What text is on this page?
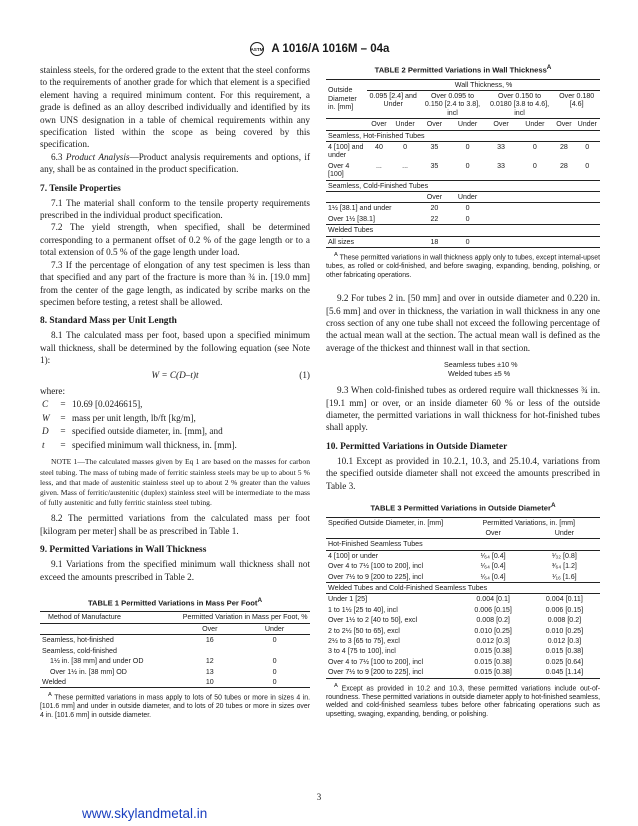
ASTM A 1016/A 1016M – 04a

stainless steels, for the ordered grade to the extent that the steel conforms to the requirements of another grade for which that element is a specified element having a required minimum content. For this requirement, a grade is defined as an alloy described individually and identified by its own UNS designation in a table of chemical requirements within any specification listed within the scope as being covered by this specification.

6.3 Product Analysis—Product analysis requirements and options, if any, shall be as contained in the product specification.

7. Tensile Properties

7.1 The material shall conform to the tensile property requirements prescribed in the individual product specification.

7.2 The yield strength, when specified, shall be determined corresponding to a permanent offset of 0.2 % of the gage length or to a total extension of 0.5 % of the gage length under load.

7.3 If the percentage of elongation of any test specimen is less than that specified and any part of the fracture is more than ¾ in. [19.0 mm] from the center of the gage length, as indicated by scribe marks on the specimen before testing, a retest shall be allowed.

8. Standard Mass per Unit Length

8.1 The calculated mass per foot, based upon a specified minimum wall thickness, shall be determined by the following equation (see Note 1):

W = C(D–t)t	(1)

where:

C	=	10.69 [0.0246615],
W	=	mass per unit length, lb/ft [kg/m],
D	=	specified outside diameter, in. [mm], and
t	=	specified minimum wall thickness, in. [mm].

NOTE 1—The calculated masses given by Eq 1 are based on the masses for carbon steel tubing. The mass of tubing made of ferritic stainless steels may be up to about 5 % less, and that made of austenitic stainless steel up to about 2 % greater than the values given. Mass of ferritic/austenitic (duplex) stainless steel will be intermediate to the mass of fully austenitic and fully ferritic stainless steel tubing.

8.2 The permitted variations from the calculated mass per foot [kilogram per meter] shall be as prescribed in Table 1.

9. Permitted Variations in Wall Thickness

9.1 Variations from the specified minimum wall thickness shall not exceed the amounts prescribed in Table 2.

TABLE 1 Permitted Variations in Mass Per Foot$^A$
Method of Manufacture	Permitted Variation in Mass per Foot, %	
	Over	Under
Seamless, hot-finished	16	0
Seamless, cold-finished		
1½ in. [38 mm] and under OD	12	0
Over 1½ in. [38 mm] OD	13	0
Welded	10	0

$^A$ These permitted variations in mass apply to lots of 50 tubes or more in sizes 4 in. [101.6 mm] and under in outside diameter, and to lots of 20 tubes or more in sizes over 4 in. [101.6 mm] in outside diameter.

TABLE 2 Permitted Variations in Wall Thickness$^A$
Outside Diameter in. [mm]	Wall Thickness, %							
	0.095 [2.4] and Under		Over 0.095 to 0.150 [2.4 to 3.8], incl		Over 0.150 to 0.0180 [3.8 to 4.6], incl		Over 0.180 [4.6]	
	Over	Under	Over	Under	Over	Under	Over	Under
Seamless, Hot-Finished Tubes								
4 [100] and under	40	0	35	0	33	0	28	0
Over 4 [100]	...	...	35	0	33	0	28	0
Seamless, Cold-Finished Tubes								
			Over	Under				
1½ [38.1] and under			20	0				
Over 1½ [38.1]			22	0				
Welded Tubes								
All sizes			18	0				

$^A$ These permitted variations in wall thickness apply only to tubes, except internal-upset tubes, as rolled or cold-finished, and before swaging, expanding, bending, polishing, or other fabricating operations.

9.2 For tubes 2 in. [50 mm] and over in outside diameter and 0.220 in. [5.6 mm] and over in thickness, the variation in wall thickness in any one cross section of any one tube shall not exceed the following percentage of the actual mean wall at the section. The actual mean wall is defined as the average of the thickest and thinnest wall in that section.

Seamless tubes ±10 %
Welded tubes ±5 %

9.3 When cold-finished tubes as ordered require wall thicknesses ¾ in. [19.1 mm] or over, or an inside diameter 60 % or less of the outside diameter, the permitted variations in wall thickness for hot-finished tubes shall apply.

10. Permitted Variations in Outside Diameter

10.1 Except as provided in 10.2.1, 10.3, and 25.10.4, variations from the specified outside diameter shall not exceed the amounts prescribed in Table 3.

TABLE 3 Permitted Variations in Outside Diameter$^A$
Specified Outside Diameter, in. [mm]	Permitted Variations, in. [mm]	
	Over	Under
Hot-Finished Seamless Tubes		
4 [100] or under	¹⁄₆₄ [0.4]	¹⁄₃₂ [0.8]
Over 4 to 7½ [100 to 200], incl	¹⁄₆₄ [0.4]	³⁄₆₄ [1.2]
Over 7½ to 9 [200 to 225], incl	¹⁄₆₄ [0.4]	¹⁄₁₆ [1.6]
Welded Tubes and Cold-Finished Seamless Tubes		
Under 1 [25]	0.004 [0.1]	0.004 [0.11]
1 to 1½ [25 to 40], incl	0.006 [0.15]	0.006 [0.15]
Over 1½ to 2 [40 to 50], excl	0.008 [0.2]	0.008 [0.2]
2 to 2½ [50 to 65], excl	0.010 [0.25]	0.010 [0.25]
2½ to 3 [65 to 75], excl	0.012 [0.3]	0.012 [0.3]
3 to 4 [75 to 100], incl	0.015 [0.38]	0.015 [0.38]
Over 4 to 7½ [100 to 200], incl	0.015 [0.38]	0.025 [0.64]
Over 7½ to 9 [200 to 225], incl	0.015 [0.38]	0.045 [1.14]

$^A$ Except as provided in 10.2 and 10.3, these permitted variations include out-of-roundness. These permitted variations in outside diameter apply to hot-finished seamless, welded and cold-finished seamless tubes before other fabricating operations such as upsetting, swaging, expanding, bending, or polishing.

3
www.skylandmetal.in
